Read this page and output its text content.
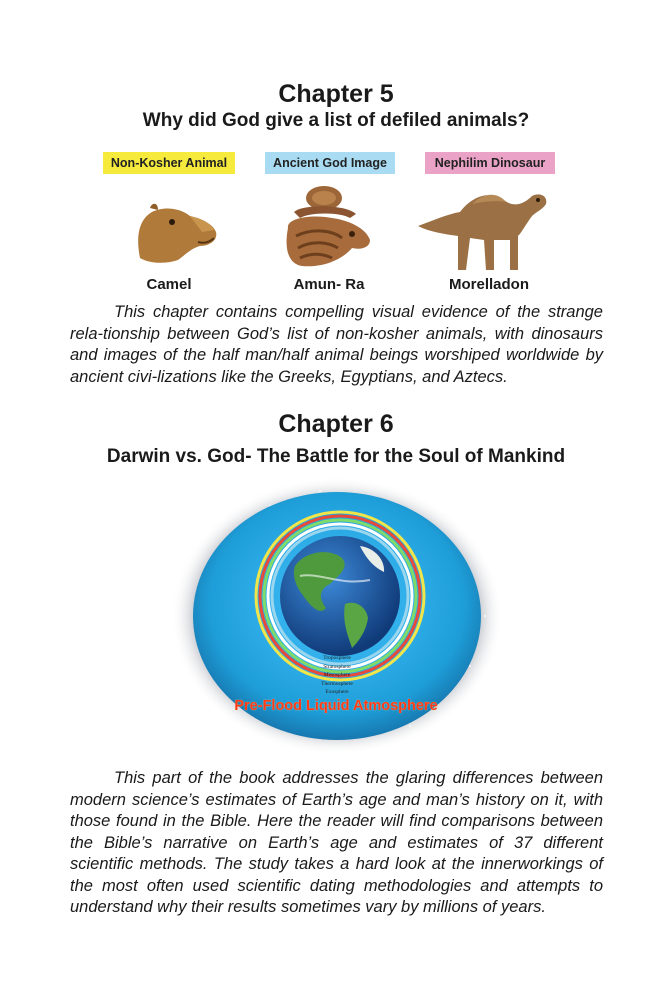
Chapter 5
Why did God give a list of defiled animals?
Non-Kosher Animal	Ancient God Image	Nephilim Dinosaur
Camel	Amun- Ra	Morelladon

This chapter contains compelling visual evidence of the strange rela-tionship between God’s list of non-kosher animals, with dinosaurs and images of the half man/half animal beings worshiped worldwide by ancient civi-lizations like the Greeks, Egyptians, and Aztecs.

Chapter 6
Darwin vs. God- The Battle for the Soul of Mankind
Troposphere
Stratosphere
Mesosphere
Thermosphere
Exosphere
Pre-Flood Liquid Atmosphere

This part of the book addresses the glaring differences between modern science’s estimates of Earth’s age and man’s history on it, with those found in the Bible. Here the reader will find comparisons between the Bible’s narrative on Earth’s age and estimates of 37 different scientific methods. The study takes a hard look at the innerworkings of the most often used scientific dating methodologies and attempts to understand why their results sometimes vary by millions of years.
